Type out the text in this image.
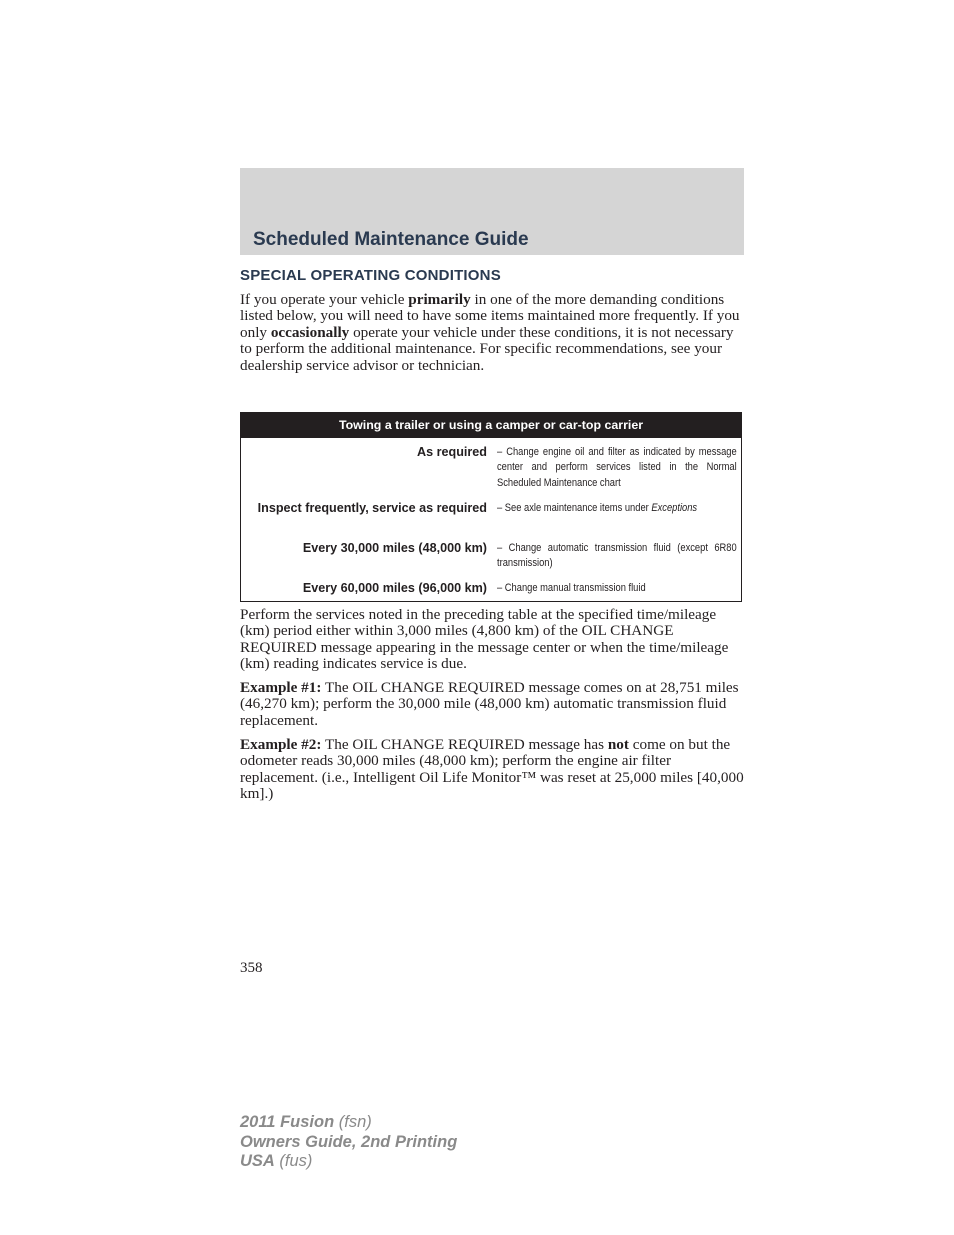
Scheduled Maintenance Guide
SPECIAL OPERATING CONDITIONS

If you operate your vehicle primarily in one of the more demanding conditions listed below, you will need to have some items maintained more frequently. If you only occasionally operate your vehicle under these conditions, it is not necessary to perform the additional maintenance. For specific recommendations, see your dealership service advisor or technician.

Towing a trailer or using a camper or car-top carrier
As required – Change engine oil and filter as indicated by message center and perform services listed in the Normal Scheduled Maintenance chart
Inspect frequently, service as required – See axle maintenance items under Exceptions
Every 30,000 miles (48,000 km) – Change automatic transmission fluid (except 6R80 transmission)
Every 60,000 miles (96,000 km) – Change manual transmission fluid

Perform the services noted in the preceding table at the specified time/mileage (km) period either within 3,000 miles (4,800 km) of the OIL CHANGE REQUIRED message appearing in the message center or when the time/mileage (km) reading indicates service is due.

Example #1: The OIL CHANGE REQUIRED message comes on at 28,751 miles (46,270 km); perform the 30,000 mile (48,000 km) automatic transmission fluid replacement.

Example #2: The OIL CHANGE REQUIRED message has not come on but the odometer reads 30,000 miles (48,000 km); perform the engine air filter replacement. (i.e., Intelligent Oil Life Monitor™ was reset at 25,000 miles [40,000 km].)

358

2011 Fusion (fsn)
Owners Guide, 2nd Printing
USA (fus)
